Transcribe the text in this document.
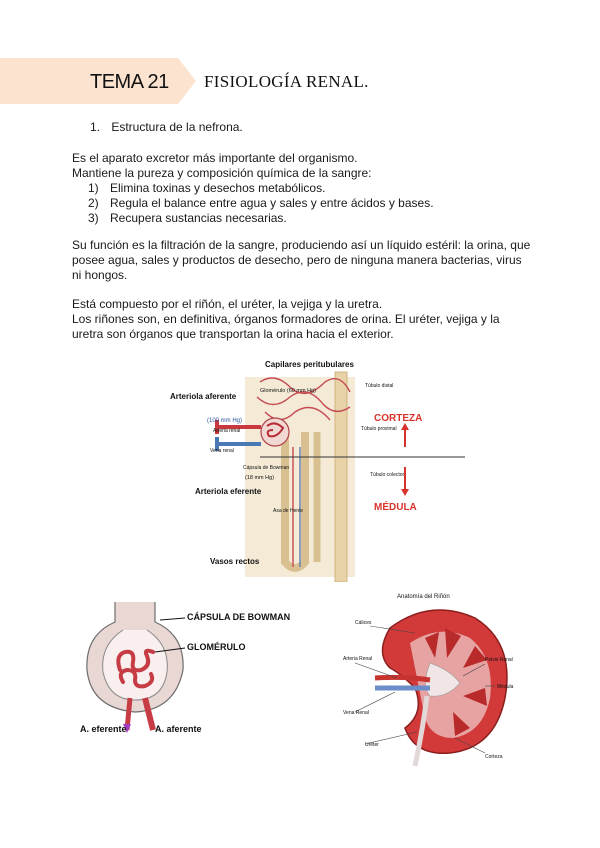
TEMA 21 FISIOLOGÍA RENAL.
1. Estructura de la nefrona.
Es el aparato excretor más importante del organismo.
Mantiene la pureza y composición química de la sangre:
1) Elimina toxinas y desechos metabólicos.
2) Regula el balance entre agua y sales y entre ácidos y bases.
3) Recupera sustancias necesarias.
Su función es la filtración de la sangre, produciendo así un líquido estéril: la orina, que posee agua, sales y productos de desecho, pero de ninguna manera bacterias, virus ni hongos.
Está compuesto por el riñón, el uréter, la vejiga y la uretra.
Los riñones son, en definitiva, órganos formadores de orina. El uréter, vejiga y la uretra son órganos que transportan la orina hacia el exterior.
Capilares peritubulares
Glomérulo (60 mm Hg)
Arteriola aferente
(100 mm Hg)
Arteria renal
Vena renal
Cápsula de Bowman
(18 mm Hg)
Arteriola eferente
Asa de Henle
Vasos rectos
Túbulo distal
Túbulo proximal
Túbulo colector
CORTEZA
MÉDULA
CÁPSULA DE BOWMAN
GLOMÉRULO
A. eferente	A. aferente
Anatomía del Riñón
Cálices
Arteria Renal
Vena Renal
Uréter
Pelvis Renal
Médula
Corteza
